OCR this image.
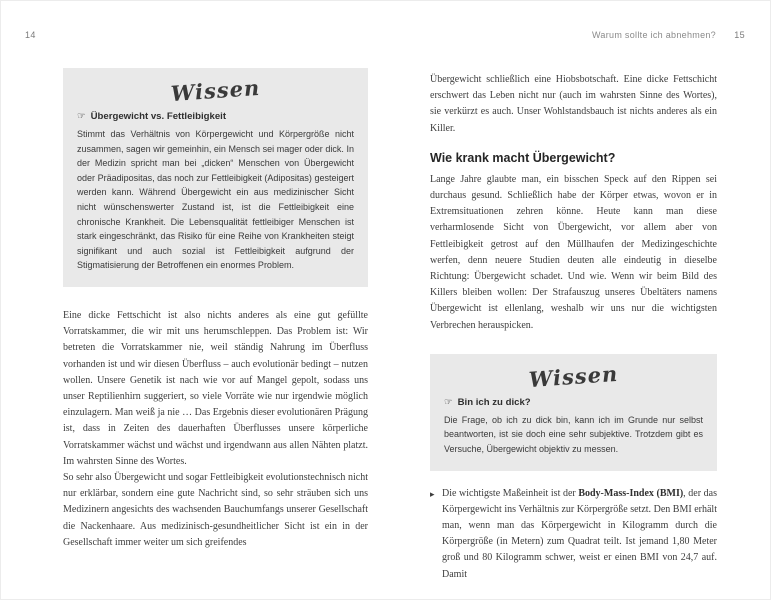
14	Warum sollte ich abnehmen? 15
Wissen
☞ Übergewicht vs. Fettleibigkeit

Stimmt das Verhältnis von Körpergewicht und Körpergröße nicht zusammen, sagen wir gemeinhin, ein Mensch sei mager oder dick. In der Medizin spricht man bei „dicken“ Menschen von Übergewicht oder Präadipositas, das noch zur Fettleibigkeit (Adipositas) gesteigert werden kann. Während Übergewicht ein aus medizinischer Sicht nicht wünschenswerter Zustand ist, ist die Fettleibigkeit eine chronische Krankheit. Die Lebensqualität fettleibiger Menschen ist stark eingeschränkt, das Risiko für eine Reihe von Krankheiten steigt signifikant und auch sozial ist Fettleibigkeit aufgrund der Stigmatisierung der Betroffenen ein enormes Problem.

Eine dicke Fettschicht ist also nichts anderes als eine gut gefüllte Vorratskammer, die wir mit uns herumschleppen. Das Problem ist: Wir betreten die Vorratskammer nie, weil ständig Nahrung im Überfluss vorhanden ist und wir diesen Überfluss – auch evolutionär bedingt – nutzen wollen. Unsere Genetik ist nach wie vor auf Mangel gepolt, sodass uns unser Reptilienhirn suggeriert, so viele Vorräte wie nur irgendwie möglich einzulagern. Man weiß ja nie … Das Ergebnis dieser evolutionären Prägung ist, dass in Zeiten des dauerhaften Überflusses unsere körperliche Vorratskammer wächst und wächst und irgendwann aus allen Nähten platzt. Im wahrsten Sinne des Wortes.

So sehr also Übergewicht und sogar Fettleibigkeit evolutionstechnisch nicht nur erklärbar, sondern eine gute Nachricht sind, so sehr sträuben sich uns Medizinern angesichts des wachsenden Bauchumfangs unserer Gesellschaft die Nackenhaare. Aus medizinisch-gesundheitlicher Sicht ist ein in der Gesellschaft immer weiter um sich greifendes

Übergewicht schließlich eine Hiobsbotschaft. Eine dicke Fettschicht erschwert das Leben nicht nur (auch im wahrsten Sinne des Wortes), sie verkürzt es auch. Unser Wohlstandsbauch ist nichts anderes als ein Killer.

Wie krank macht Übergewicht?

Lange Jahre glaubte man, ein bisschen Speck auf den Rippen sei durchaus gesund. Schließlich habe der Körper etwas, wovon er in Extremsituationen zehren könne. Heute kann man diese verharmlosende Sicht von Übergewicht, vor allem aber von Fettleibigkeit getrost auf den Müllhaufen der Medizingeschichte werfen, denn neuere Studien deuten alle eindeutig in dieselbe Richtung: Übergewicht schadet. Und wie. Wenn wir beim Bild des Killers bleiben wollen: Der Strafauszug unseres Übeltäters namens Übergewicht ist ellenlang, weshalb wir uns nur die wichtigsten Verbrechen herauspicken.

Wissen
☞ Bin ich zu dick?

Die Frage, ob ich zu dick bin, kann ich im Grunde nur selbst beantworten, ist sie doch eine sehr subjektive. Trotzdem gibt es Versuche, Übergewicht objektiv zu messen.

▸ Die wichtigste Maßeinheit ist der Body-Mass-Index (BMI), der das Körpergewicht ins Verhältnis zur Körpergröße setzt. Den BMI erhält man, wenn man das Körpergewicht in Kilogramm durch die Körpergröße (in Metern) zum Quadrat teilt. Ist jemand 1,80 Meter groß und 80 Kilogramm schwer, weist er einen BMI von 24,7 auf. Damit
